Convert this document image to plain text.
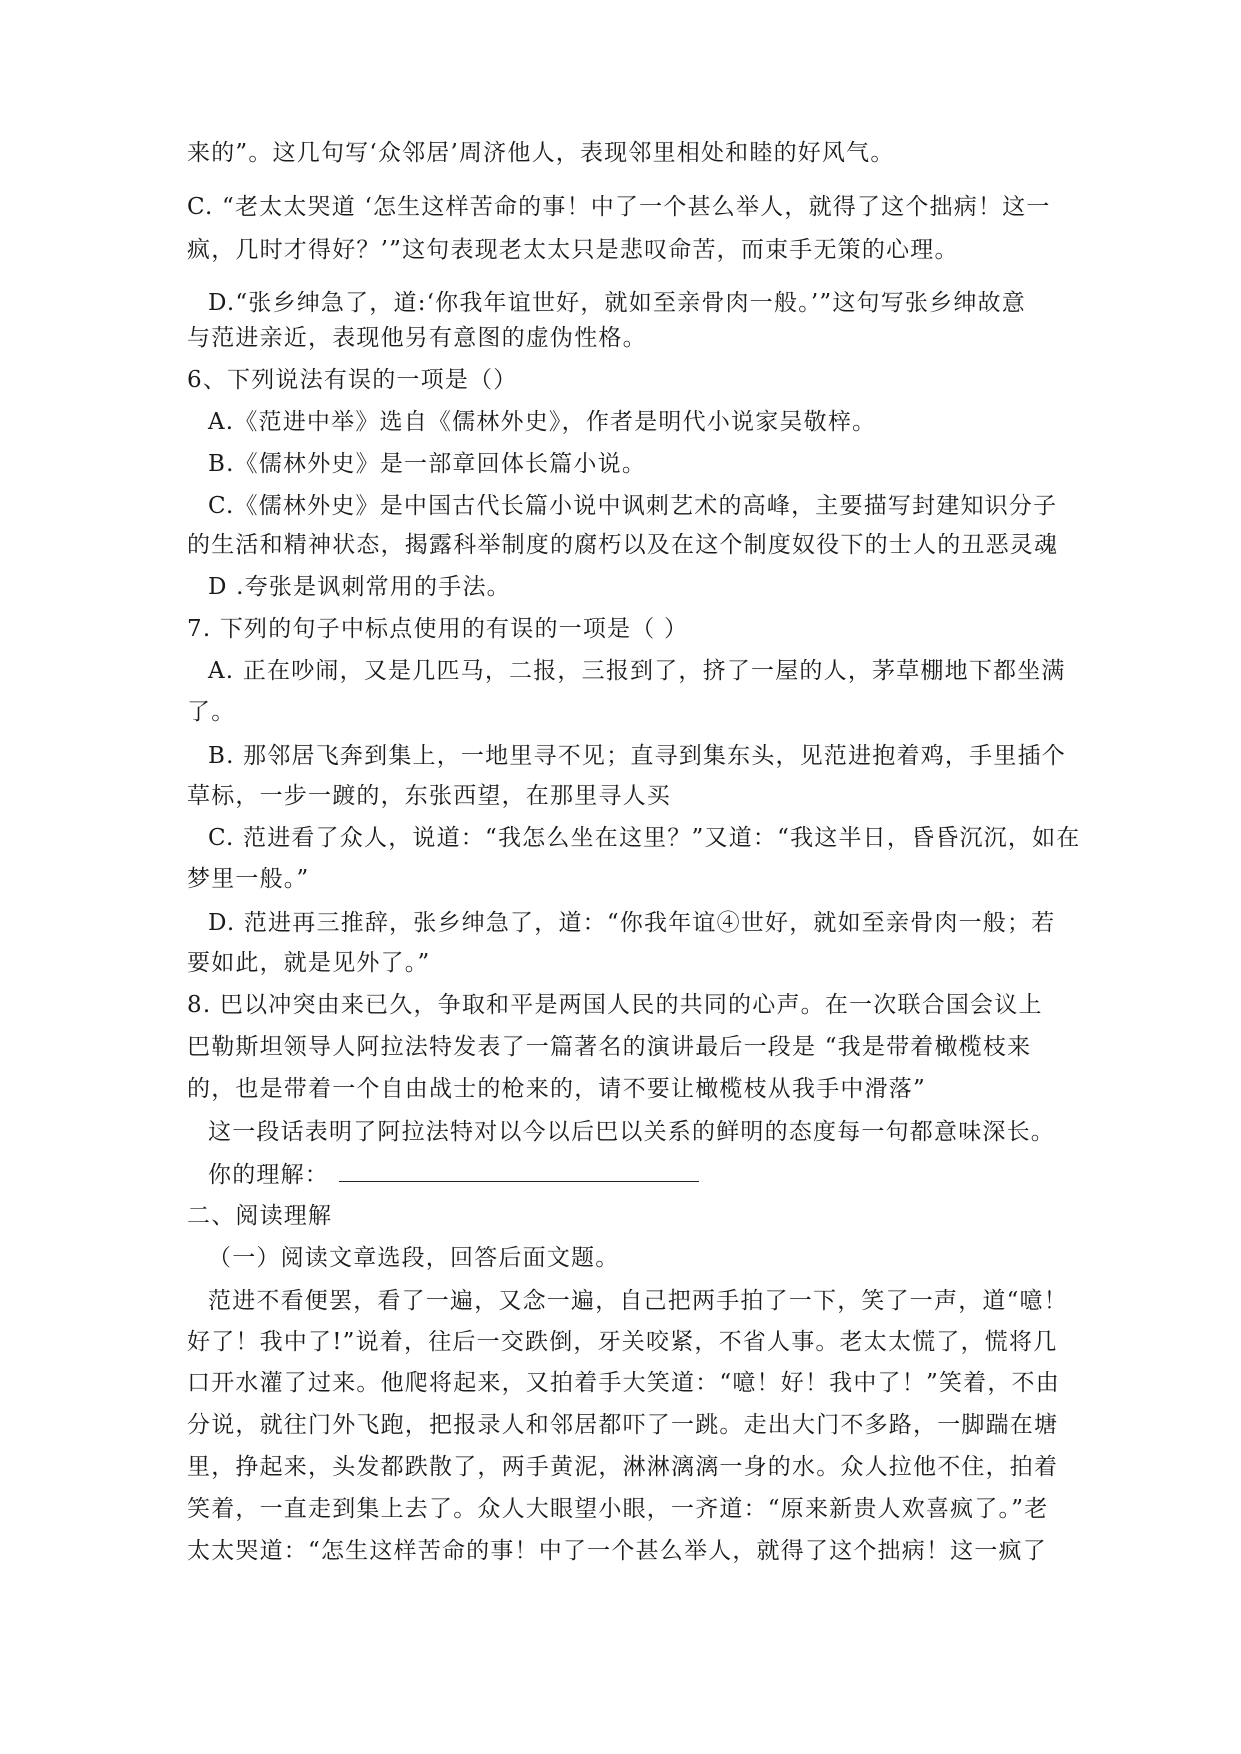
来的”。这几句写‘众邻居’周济他人，表现邻里相处和睦的好风气。
C. “老太太哭道 ‘怎生这样苦命的事！中了一个甚么举人，就得了这个拙病！这一
疯，几时才得好？’”这句表现老太太只是悲叹命苦，而束手无策的心理。
D.“张乡绅急了，道:‘你我年谊世好，就如至亲骨肉一般。’”这句写张乡绅故意
与范进亲近，表现他另有意图的虚伪性格。
6、下列说法有误的一项是（）
A.《范进中举》选自《儒林外史》，作者是明代小说家吴敬梓。
B.《儒林外史》是一部章回体长篇小说。
C.《儒林外史》是中国古代长篇小说中讽刺艺术的高峰，主要描写封建知识分子
的生活和精神状态，揭露科举制度的腐朽以及在这个制度奴役下的士人的丑恶灵魂
D .夸张是讽刺常用的手法。
7. 下列的句子中标点使用的有误的一项是（ ）
A. 正在吵闹，又是几匹马，二报，三报到了，挤了一屋的人，茅草棚地下都坐满
了。
B. 那邻居飞奔到集上，一地里寻不见；直寻到集东头，见范进抱着鸡，手里插个
草标，一步一踱的，东张西望，在那里寻人买
C. 范进看了众人，说道：“我怎么坐在这里？”又道：“我这半日，昏昏沉沉，如在
梦里一般。”
D. 范进再三推辞，张乡绅急了，道：“你我年谊④世好，就如至亲骨肉一般；若
要如此，就是见外了。”
8. 巴以冲突由来已久，争取和平是两国人民的共同的心声。在一次联合国会议上
巴勒斯坦领导人阿拉法特发表了一篇著名的演讲最后一段是 “我是带着橄榄枝来
的，也是带着一个自由战士的枪来的，请不要让橄榄枝从我手中滑落”
这一段话表明了阿拉法特对以今以后巴以关系的鲜明的态度每一句都意味深长。
你的理解：
二、阅读理解
（一）阅读文章选段，回答后面文题。
范进不看便罢，看了一遍，又念一遍，自己把两手拍了一下，笑了一声，道“噫！
好了！我中了!”说着，往后一交跌倒，牙关咬紧，不省人事。老太太慌了，慌将几
口开水灌了过来。他爬将起来，又拍着手大笑道：“噫！好！我中了！”笑着，不由
分说，就往门外飞跑，把报录人和邻居都吓了一跳。走出大门不多路，一脚踹在塘
里，挣起来，头发都跌散了，两手黄泥，淋淋漓漓一身的水。众人拉他不住，拍着
笑着，一直走到集上去了。众人大眼望小眼，一齐道：“原来新贵人欢喜疯了。”老
太太哭道：“怎生这样苦命的事！中了一个甚么举人，就得了这个拙病！这一疯了
